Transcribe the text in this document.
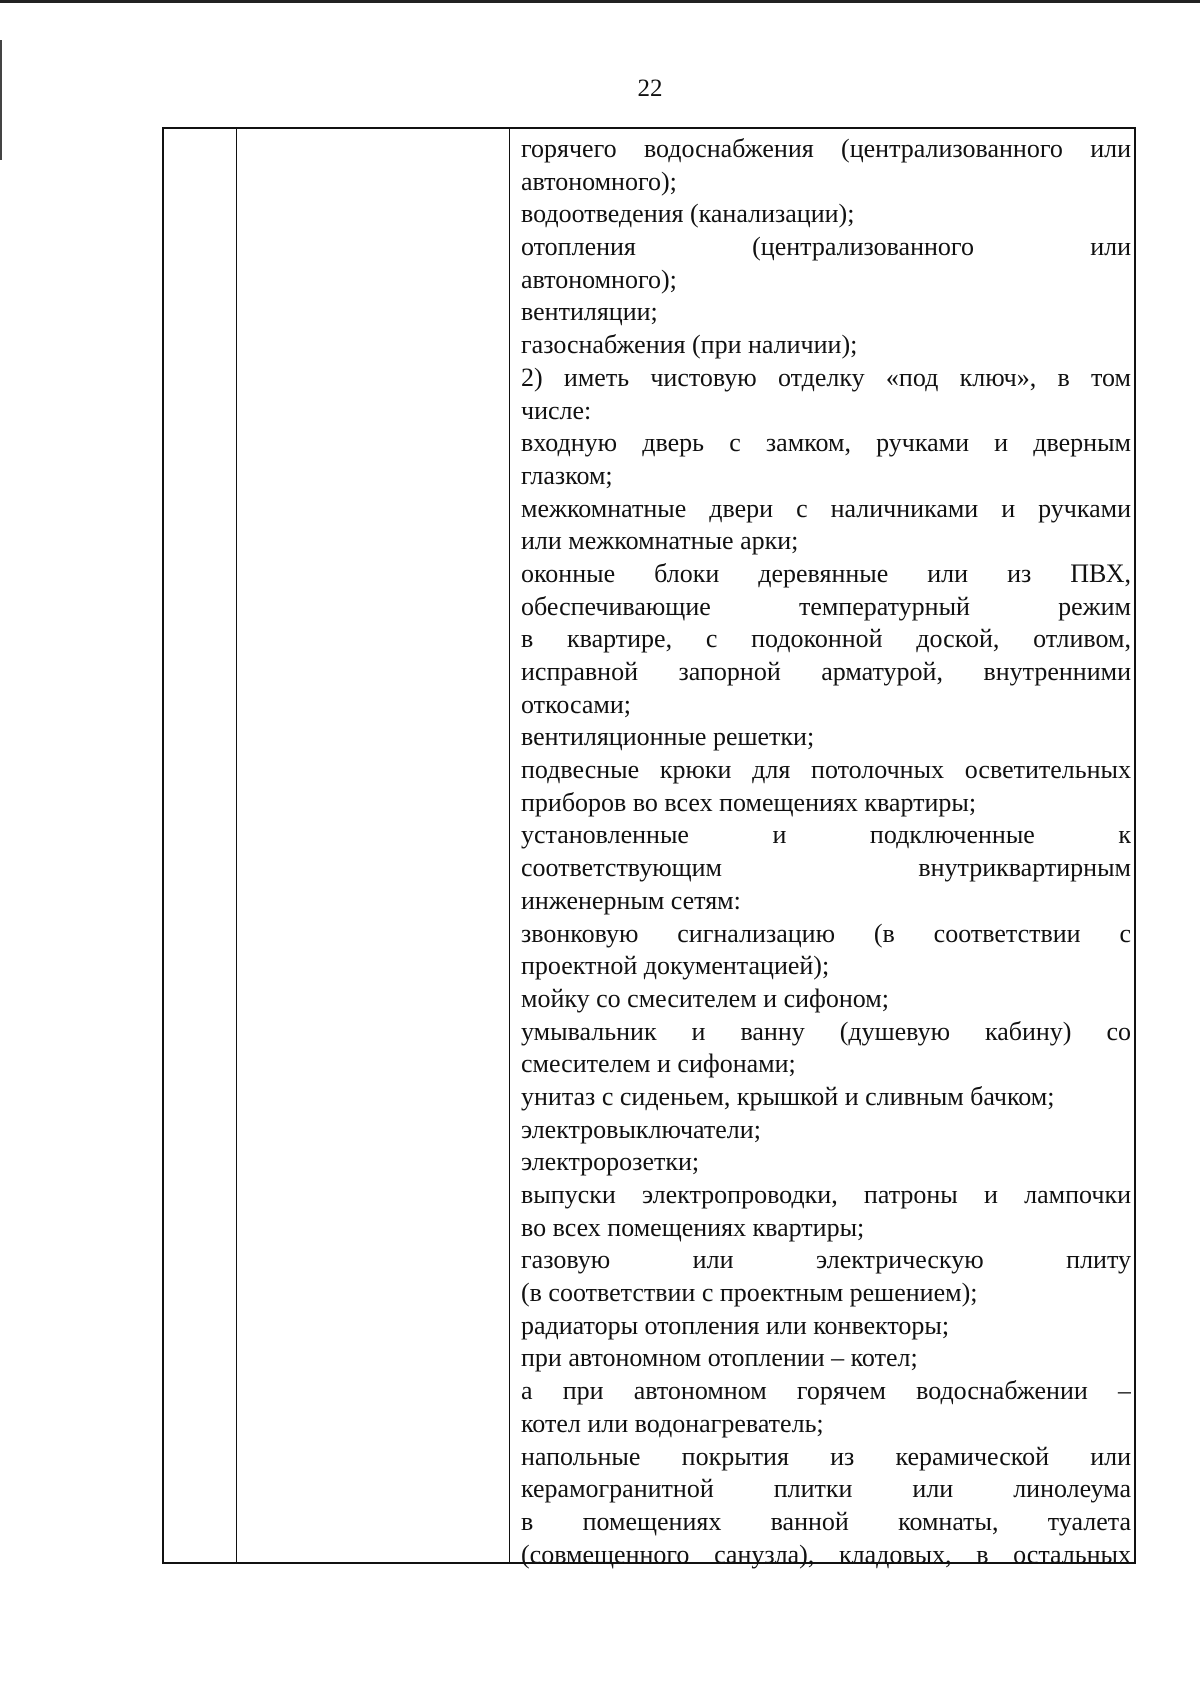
22
горячего водоснабжения (централизованного или
автономного);
водоотведения (канализации);
отопления (централизованного или
автономного);
вентиляции;
газоснабжения (при наличии);
2) иметь чистовую отделку «под ключ», в том
числе:
входную дверь с замком, ручками и дверным
глазком;
межкомнатные двери с наличниками и ручками
или межкомнатные арки;
оконные блоки деревянные или из ПВХ,
обеспечивающие температурный режим
в квартире, с подоконной доской, отливом,
исправной запорной арматурой, внутренними
откосами;
вентиляционные решетки;
подвесные крюки для потолочных осветительных
приборов во всех помещениях квартиры;
установленные и подключенные к
соответствующим внутриквартирным
инженерным сетям:
звонковую сигнализацию (в соответствии с
проектной документацией);
мойку со смесителем и сифоном;
умывальник и ванну (душевую кабину) со
смесителем и сифонами;
унитаз с сиденьем, крышкой и сливным бачком;
электровыключатели;
электророзетки;
выпуски электропроводки, патроны и лампочки
во всех помещениях квартиры;
газовую или электрическую плиту
(в соответствии с проектным решением);
радиаторы отопления или конвекторы;
при автономном отоплении – котел;
а при автономном горячем водоснабжении –
котел или водонагреватель;
напольные покрытия из керамической или
керамогранитной плитки или линолеума
в помещениях ванной комнаты, туалета
(совмещенного санузла), кладовых, в остальных
